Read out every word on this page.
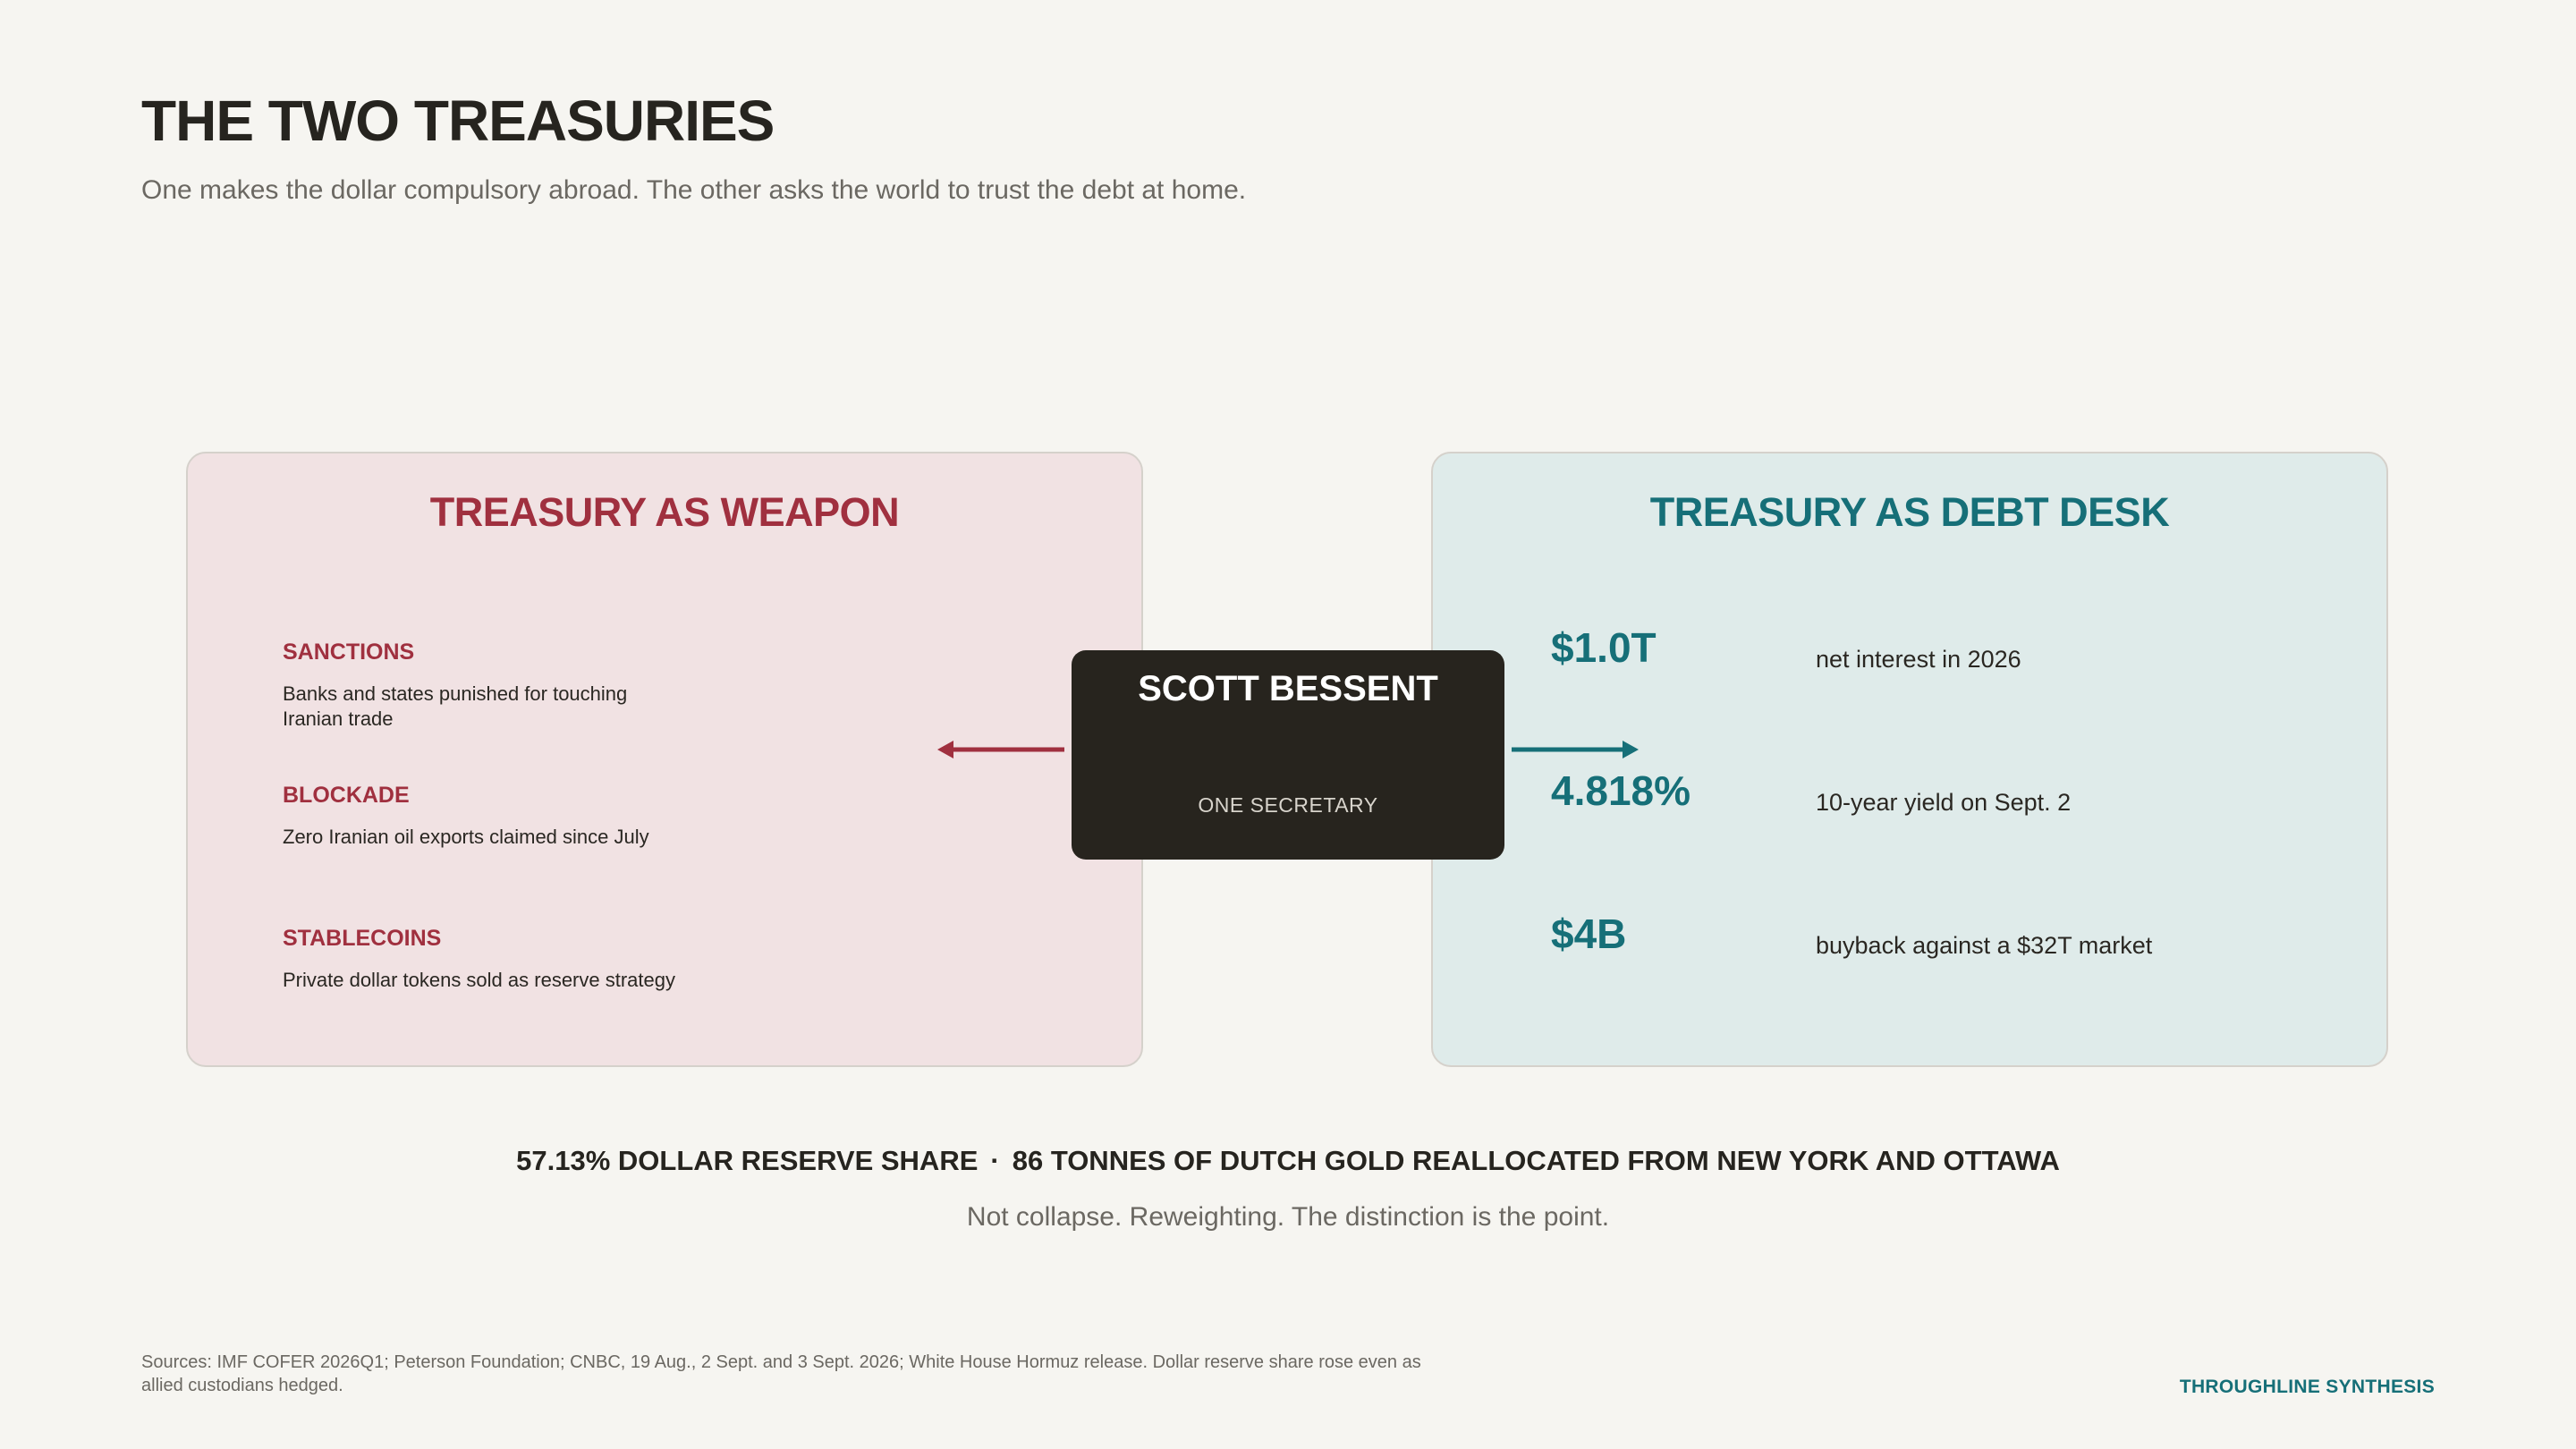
THE TWO TREASURIES
One makes the dollar compulsory abroad. The other asks the world to trust the debt at home.
TREASURY AS WEAPON
SANCTIONS
Banks and states punished for touching Iranian trade
BLOCKADE
Zero Iranian oil exports claimed since July
STABLECOINS
Private dollar tokens sold as reserve strategy
TREASURY AS DEBT DESK
$1.0T	net interest in 2026
4.818%	10-year yield on Sept. 2
$4B	buyback against a $32T market
SCOTT BESSENT
ONE SECRETARY
57.13% DOLLAR RESERVE SHARE · 86 TONNES OF DUTCH GOLD REALLOCATED FROM NEW YORK AND OTTAWA
Not collapse. Reweighting. The distinction is the point.
Sources: IMF COFER 2026Q1; Peterson Foundation; CNBC, 19 Aug., 2 Sept. and 3 Sept. 2026; White House Hormuz release. Dollar reserve share rose even as allied custodians hedged.	THROUGHLINE SYNTHESIS
